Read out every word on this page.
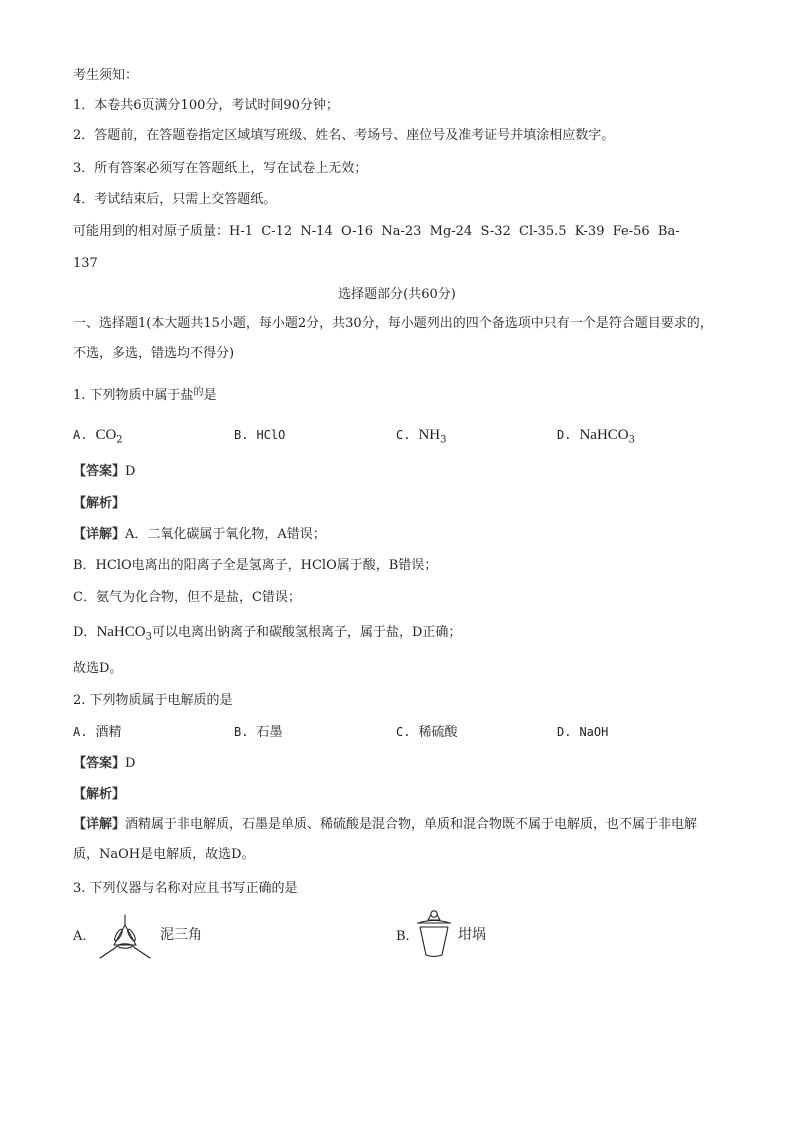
考生须知：
1．本卷共6页满分100分，考试时间90分钟；
2．答题前，在答题卷指定区域填写班级、姓名、考场号、座位号及准考证号并填涂相应数字。
3．所有答案必须写在答题纸上，写在试卷上无效；
4．考试结束后，只需上交答题纸。
可能用到的相对原子质量：H-1  C-12  N-14  O-16  Na-23  Mg-24  S-32  Cl-35.5  K-39  Fe-56  Ba-
137
选择题部分(共60分)
一、选择题1(本大题共15小题，每小题2分，共30分，每小题列出的四个备选项中只有一个是符合题目要求的，不选，多选，错选均不得分)
1. 下列物质中属于盐$^的$是
A. $CO_2$	B. HClO	C. $NH_3$	D. NaHCO$_3$
【答案】D
【解析】
【详解】A．二氧化碳属于氧化物，A错误；
B．HClO电离出的阳离子全是氢离子，HClO属于酸，B错误；
C．氨气为化合物，但不是盐，C错误；
D．NaHCO$_3$可以电离出钠离子和碳酸氢根离子，属于盐，D正确；
故选D。
2. 下列物质属于电解质的是
A. 酒精	B. 石墨	C. 稀硫酸	D. NaOH
【答案】D
【解析】
【详解】酒精属于非电解质，石墨是单质、稀硫酸是混合物，单质和混合物既不属于电解质，也不属于非电解质，NaOH是电解质，故选D。
3. 下列仪器与名称对应且书写正确的是
A.	泥三角	B.	坩埚
